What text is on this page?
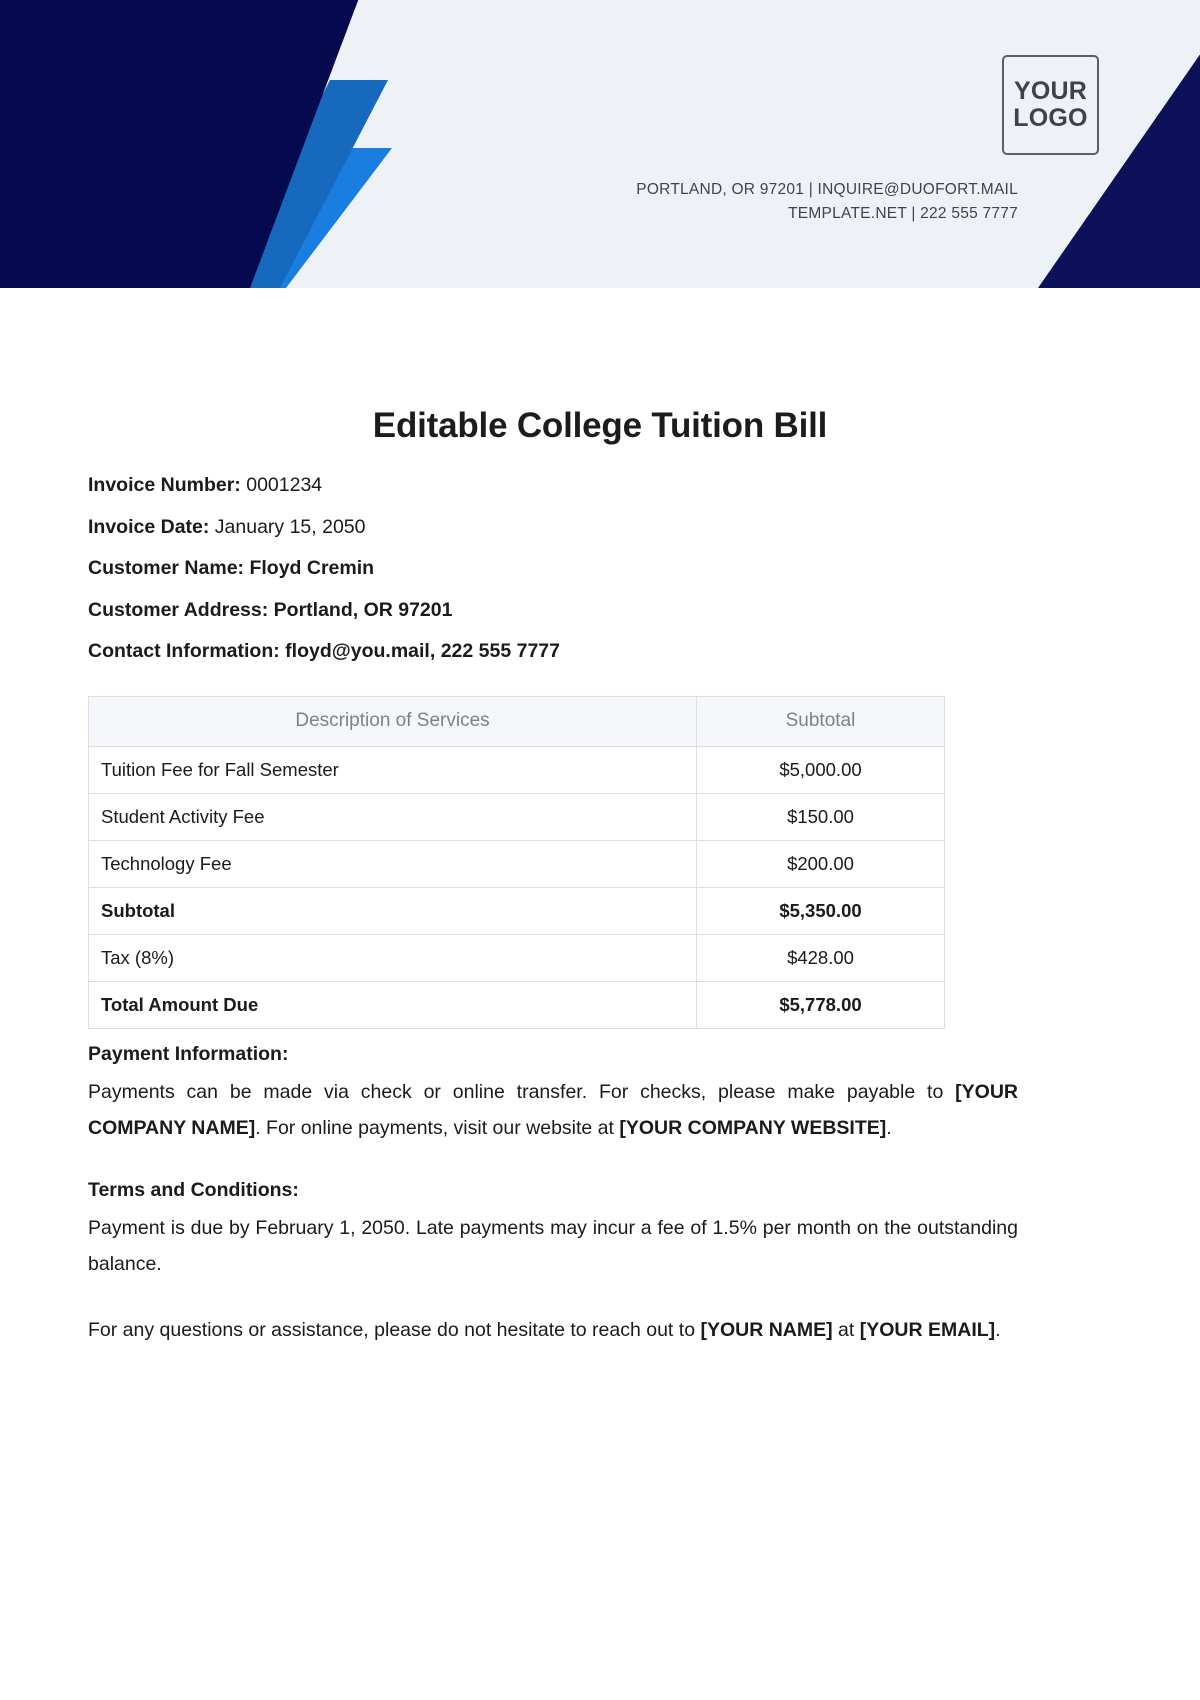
YOUR
LOGO
PORTLAND, OR 97201 | INQUIRE@DUOFORT.MAIL
TEMPLATE.NET | 222 555 7777
Editable College Tuition Bill
Invoice Number: 0001234
Invoice Date: January 15, 2050
Customer Name: Floyd Cremin
Customer Address: Portland, OR 97201
Contact Information: floyd@you.mail, 222 555 7777
Description of Services	Subtotal
Tuition Fee for Fall Semester	$5,000.00
Student Activity Fee	$150.00
Technology Fee	$200.00
Subtotal	$5,350.00
Tax (8%)	$428.00
Total Amount Due	$5,778.00
Payment Information:

Payments can be made via check or online transfer. For checks, please make payable to [YOUR COMPANY NAME]. For online payments, visit our website at [YOUR COMPANY WEBSITE].

Terms and Conditions:

Payment is due by February 1, 2050. Late payments may incur a fee of 1.5% per month on the outstanding balance.

For any questions or assistance, please do not hesitate to reach out to [YOUR NAME] at [YOUR EMAIL].
